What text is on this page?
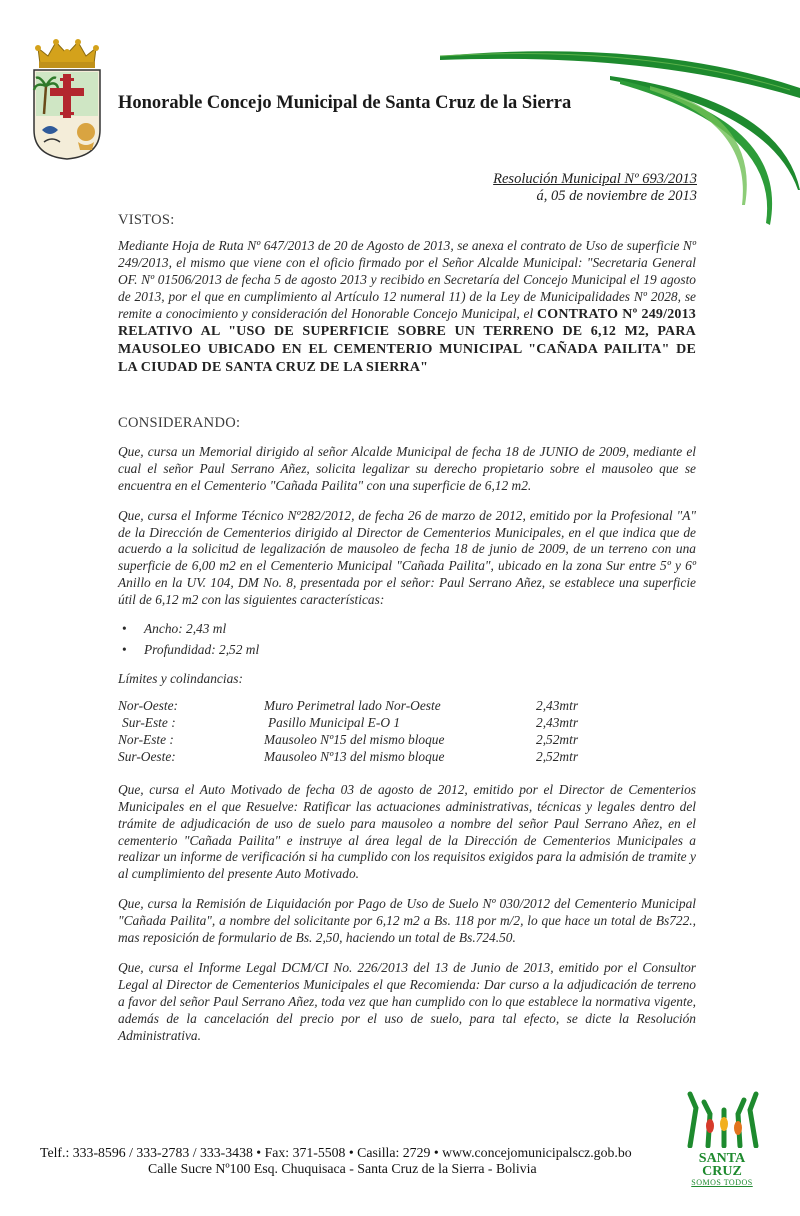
Honorable Concejo Municipal de Santa Cruz de la Sierra
Resolución Municipal Nº 693/2013
á, 05 de noviembre de 2013
VISTOS:
Mediante Hoja de Ruta Nº 647/2013 de 20 de Agosto de 2013, se anexa el contrato de Uso de superficie Nº 249/2013, el mismo que viene con el oficio firmado por el Señor Alcalde Municipal: "Secretaria General OF. Nº 01506/2013 de fecha 5 de agosto 2013 y recibido en Secretaría del Concejo Municipal el 19 agosto de 2013, por el que en cumplimiento al Artículo 12 numeral 11) de la Ley de Municipalidades Nº 2028, se remite a conocimiento y consideración del Honorable Concejo Municipal, el CONTRATO Nº 249/2013 RELATIVO AL "USO DE SUPERFICIE SOBRE UN TERRENO DE 6,12 M2, PARA MAUSOLEO UBICADO EN EL CEMENTERIO MUNICIPAL "CAÑADA PAILITA" DE LA CIUDAD DE SANTA CRUZ DE LA SIERRA"
CONSIDERANDO:

Que, cursa un Memorial dirigido al señor Alcalde Municipal de fecha 18 de JUNIO de 2009, mediante el cual el señor Paul Serrano Añez, solicita legalizar su derecho propietario sobre el mausoleo que se encuentra en el Cementerio "Cañada Pailita" con una superficie de 6,12 m2.

Que, cursa el Informe Técnico Nº282/2012, de fecha 26 de marzo de 2012, emitido por la Profesional "A" de la Dirección de Cementerios dirigido al Director de Cementerios Municipales, en el que indica que de acuerdo a la solicitud de legalización de mausoleo de fecha 18 de junio de 2009, de un terreno con una superficie de 6,00 m2 en el Cementerio Municipal "Cañada Pailita", ubicado en la zona Sur entre 5º y 6º Anillo en la UV. 104, DM No. 8, presentada por el señor: Paul Serrano Añez, se establece una superficie útil de 6,12 m2 con las siguientes características:

• Ancho: 2,43 ml
• Profundidad: 2,52 ml
Límites y colindancias:
Nor-Oeste:	Muro Perimetral lado Nor-Oeste	2,43mtr
Sur-Este :	Pasillo Municipal E-O 1	2,43mtr
Nor-Este :	Mausoleo Nº15 del mismo bloque	2,52mtr
Sur-Oeste:	Mausoleo Nº13 del mismo bloque	2,52mtr

Que, cursa el Auto Motivado de fecha 03 de agosto de 2012, emitido por el Director de Cementerios Municipales en el que Resuelve: Ratificar las actuaciones administrativas, técnicas y legales dentro del trámite de adjudicación de uso de suelo para mausoleo a nombre del señor Paul Serrano Añez, en el cementerio "Cañada Pailita" e instruye al área legal de la Dirección de Cementerios Municipales a realizar un informe de verificación si ha cumplido con los requisitos exigidos para la admisión de tramite y al cumplimiento del presente Auto Motivado.

Que, cursa la Remisión de Liquidación por Pago de Uso de Suelo Nº 030/2012 del Cementerio Municipal "Cañada Pailita", a nombre del solicitante por 6,12 m2 a Bs. 118 por m/2, lo que hace un total de Bs722., mas reposición de formulario de Bs. 2,50, haciendo un total de Bs.724.50.

Que, cursa el Informe Legal DCM/CI No. 226/2013 del 13 de Junio de 2013, emitido por el Consultor Legal al Director de Cementerios Municipales el que Recomienda: Dar curso a la adjudicación de terreno a favor del señor Paul Serrano Añez, toda vez que han cumplido con lo que establece la normativa vigente, además de la cancelación del precio por el uso de suelo, para tal efecto, se dicte la Resolución Administrativa.

Telf.: 333-8596 / 333-2783 / 333-3438 • Fax: 371-5508 • Casilla: 2729 • www.concejomunicipalscz.gob.bo
Calle Sucre Nº100 Esq. Chuquisaca - Santa Cruz de la Sierra - Bolivia
SANTA CRUZ
SOMOS TODOS
